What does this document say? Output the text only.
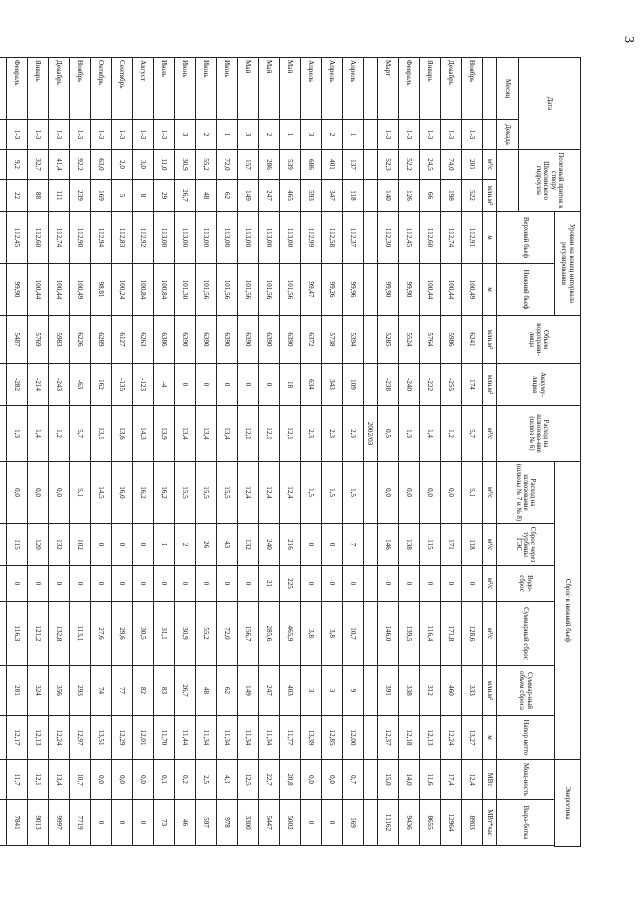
3
Дата		Полезный приток к створу Шексинского гидроузла		Уровни на конец интервала регулирования		Объем водохрани-лища	Аккуму-ляция	Расход на шлюзова-ние (шлюз № 6)	Сброс в нижний бьеф						Энергетика	
				Верхний бьеф	Нижний бьеф				Расход на шлюзование (шлюзы № 7 и № 8)	Сброс через турбины ГЭС	Водо-сброс	Суммарный сброс	Суммар-ный объем сброса	Напор нетто	Мощ-ность	Выра-ботка
Месяц	Декада															
		м³/с	млн.м³	м	м	млн.м³	млн.м³	м³/с	м³/с	м³/с	м³/с	м³/с	млн.м³	м	МВт	МВт*час
Ноябрь	1-3	201	522	112,91	100,49	6241	174	5,7	5,1	118	0	128,6	333	13,27	12,4	8903
Декабрь	1-3	74,0	198	112,74	100,44	5986	-255	1,2	0,0	171	0	171,8	460	12,24	17,4	12964
Январь	1-3	24,5	66	112,60	100,44	5764	-222	1,4	0,0	115	0	116,4	312	12,13	11,6	8655
Февраль	1-3	52,2	126	112,45	99,90	5524	-240	1,3	0,0	138	0	139,5	338	12,18	14,0	9436
Март	1-3	52,3	140	112,30	99,90	5285	-238	0,5	0,0	146	0	146,0	391	12,37	15,0	11162
								2002/03								
Апрель	1	137	118	112,37	99,96	5394	109	2,3	1,5	7	0	10,7	9	12,00	0,7	169
Апрель	2	401	347	112,58	99,26	5738	343	2,3	1,5	0	0	3,8	3	12,85	0,0	0
Апрель	3	686	593	112,99	99,47	6372	634	2,3	1,5	0	0	3,8	3	13,39	0,0	0
Май	1	539	465	113,00	101,56	6390	18	12,1	12,4	216	225	465,9	403	11,77	20,8	5002
Май	2	286	247	113,00	101,56	6390	0	12,1	12,4	240	21	285,6	247	11,34	22,7	5447
Май	3	157	149	113,00	101,56	6390	0	12,1	12,4	132	0	156,7	149	11,34	12,5	3300
Июнь	1	72,0	62	113,00	101,56	6390	0	13,4	15,5	43	0	72,0	62	11,34	4,1	978
Июнь	2	55,2	48	113,00	101,56	6390	0	13,4	15,5	26	0	55,2	48	11,34	2,5	597
Июнь	3	30,9	26,7	113,00	101,30	6390	0	13,4	15,5	2	0	30,9	26,7	11,44	0,2	46
Июль	1-3	11,0	29	113,00	100,84	6386	-4	13,9	16,2	1	0	31,1	83	11,70	0,1	73
Август	1-3	3,0	8	112,92	100,84	6263	-123	14,3	16,2	0	0	30,5	82	12,01	0,0	0
Сентябрь	1-3	2,0	5	112,83	100,24	6127	-135	13,6	16,0	0	0	29,6	77	12,29	0,0	0
Октябрь	1-3	63,0	169	112,94	98,81	6289	162	13,1	14,5	0	0	27,6	74	13,51	0,0	0
Ноябрь	1-3	92,2	239	112,90	100,49	6226	-63	5,7	5,1	102	0	113,1	293	12,97	10,7	7719
Декабрь	1-3	41,4	111	112,74	100,44	5983	-243	1,2	0,0	132	0	132,8	356	12,24	13,4	9997
Январь	1-3	32,7	88	112,60	100,44	5769	-214	1,4	0,0	120	0	121,2	324	12,13	12,1	9013
Февраль	1-3	9,2	22	112,45	99,90	5487	-282	1,3	0,0	115	0	116,3	281	12,17	11,7	7841
